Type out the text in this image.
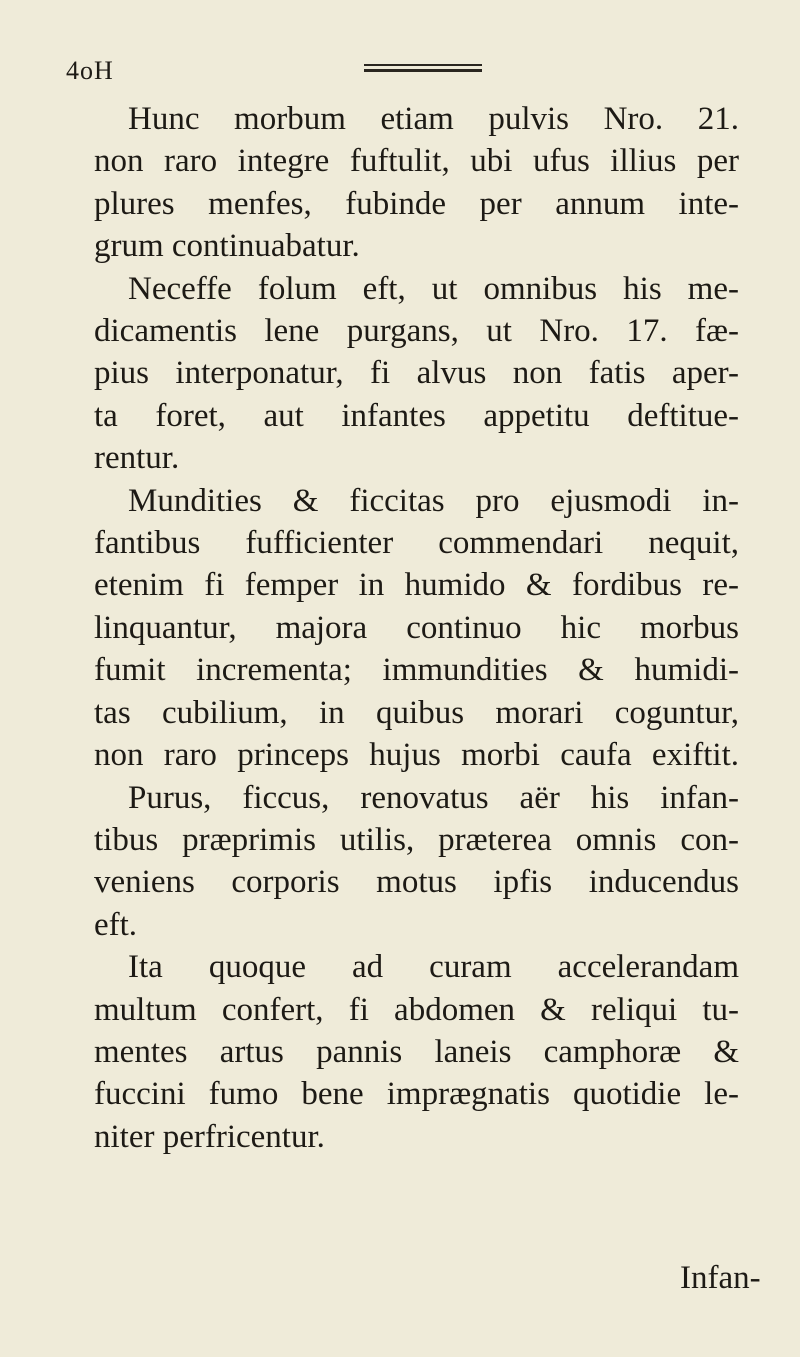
4oH
Hunc morbum etiam pulvis Nro. 21.
non raro integre fuftulit, ubi ufus illius per
plures menfes, fubinde per annum inte-
grum continuabatur.
Neceffe folum eft, ut omnibus his me-
dicamentis lene purgans, ut Nro. 17. fæ-
pius interponatur, fi alvus non fatis aper-
ta foret, aut infantes appetitu deftitue-
rentur.
Mundities & ficcitas pro ejusmodi in-
fantibus fufficienter commendari nequit,
etenim fi femper in humido & fordibus re-
linquantur, majora continuo hic morbus
fumit incrementa; immundities & humidi-
tas cubilium, in quibus morari coguntur,
non raro princeps hujus morbi caufa exiftit.
Purus, ficcus, renovatus aër his infan-
tibus præprimis utilis, præterea omnis con-
veniens corporis motus ipfis inducendus
eft.
Ita quoque ad curam accelerandam
multum confert, fi abdomen & reliqui tu-
mentes artus pannis laneis camphoræ &
fuccini fumo bene imprægnatis quotidie le-
niter perfricentur.
Infan-
